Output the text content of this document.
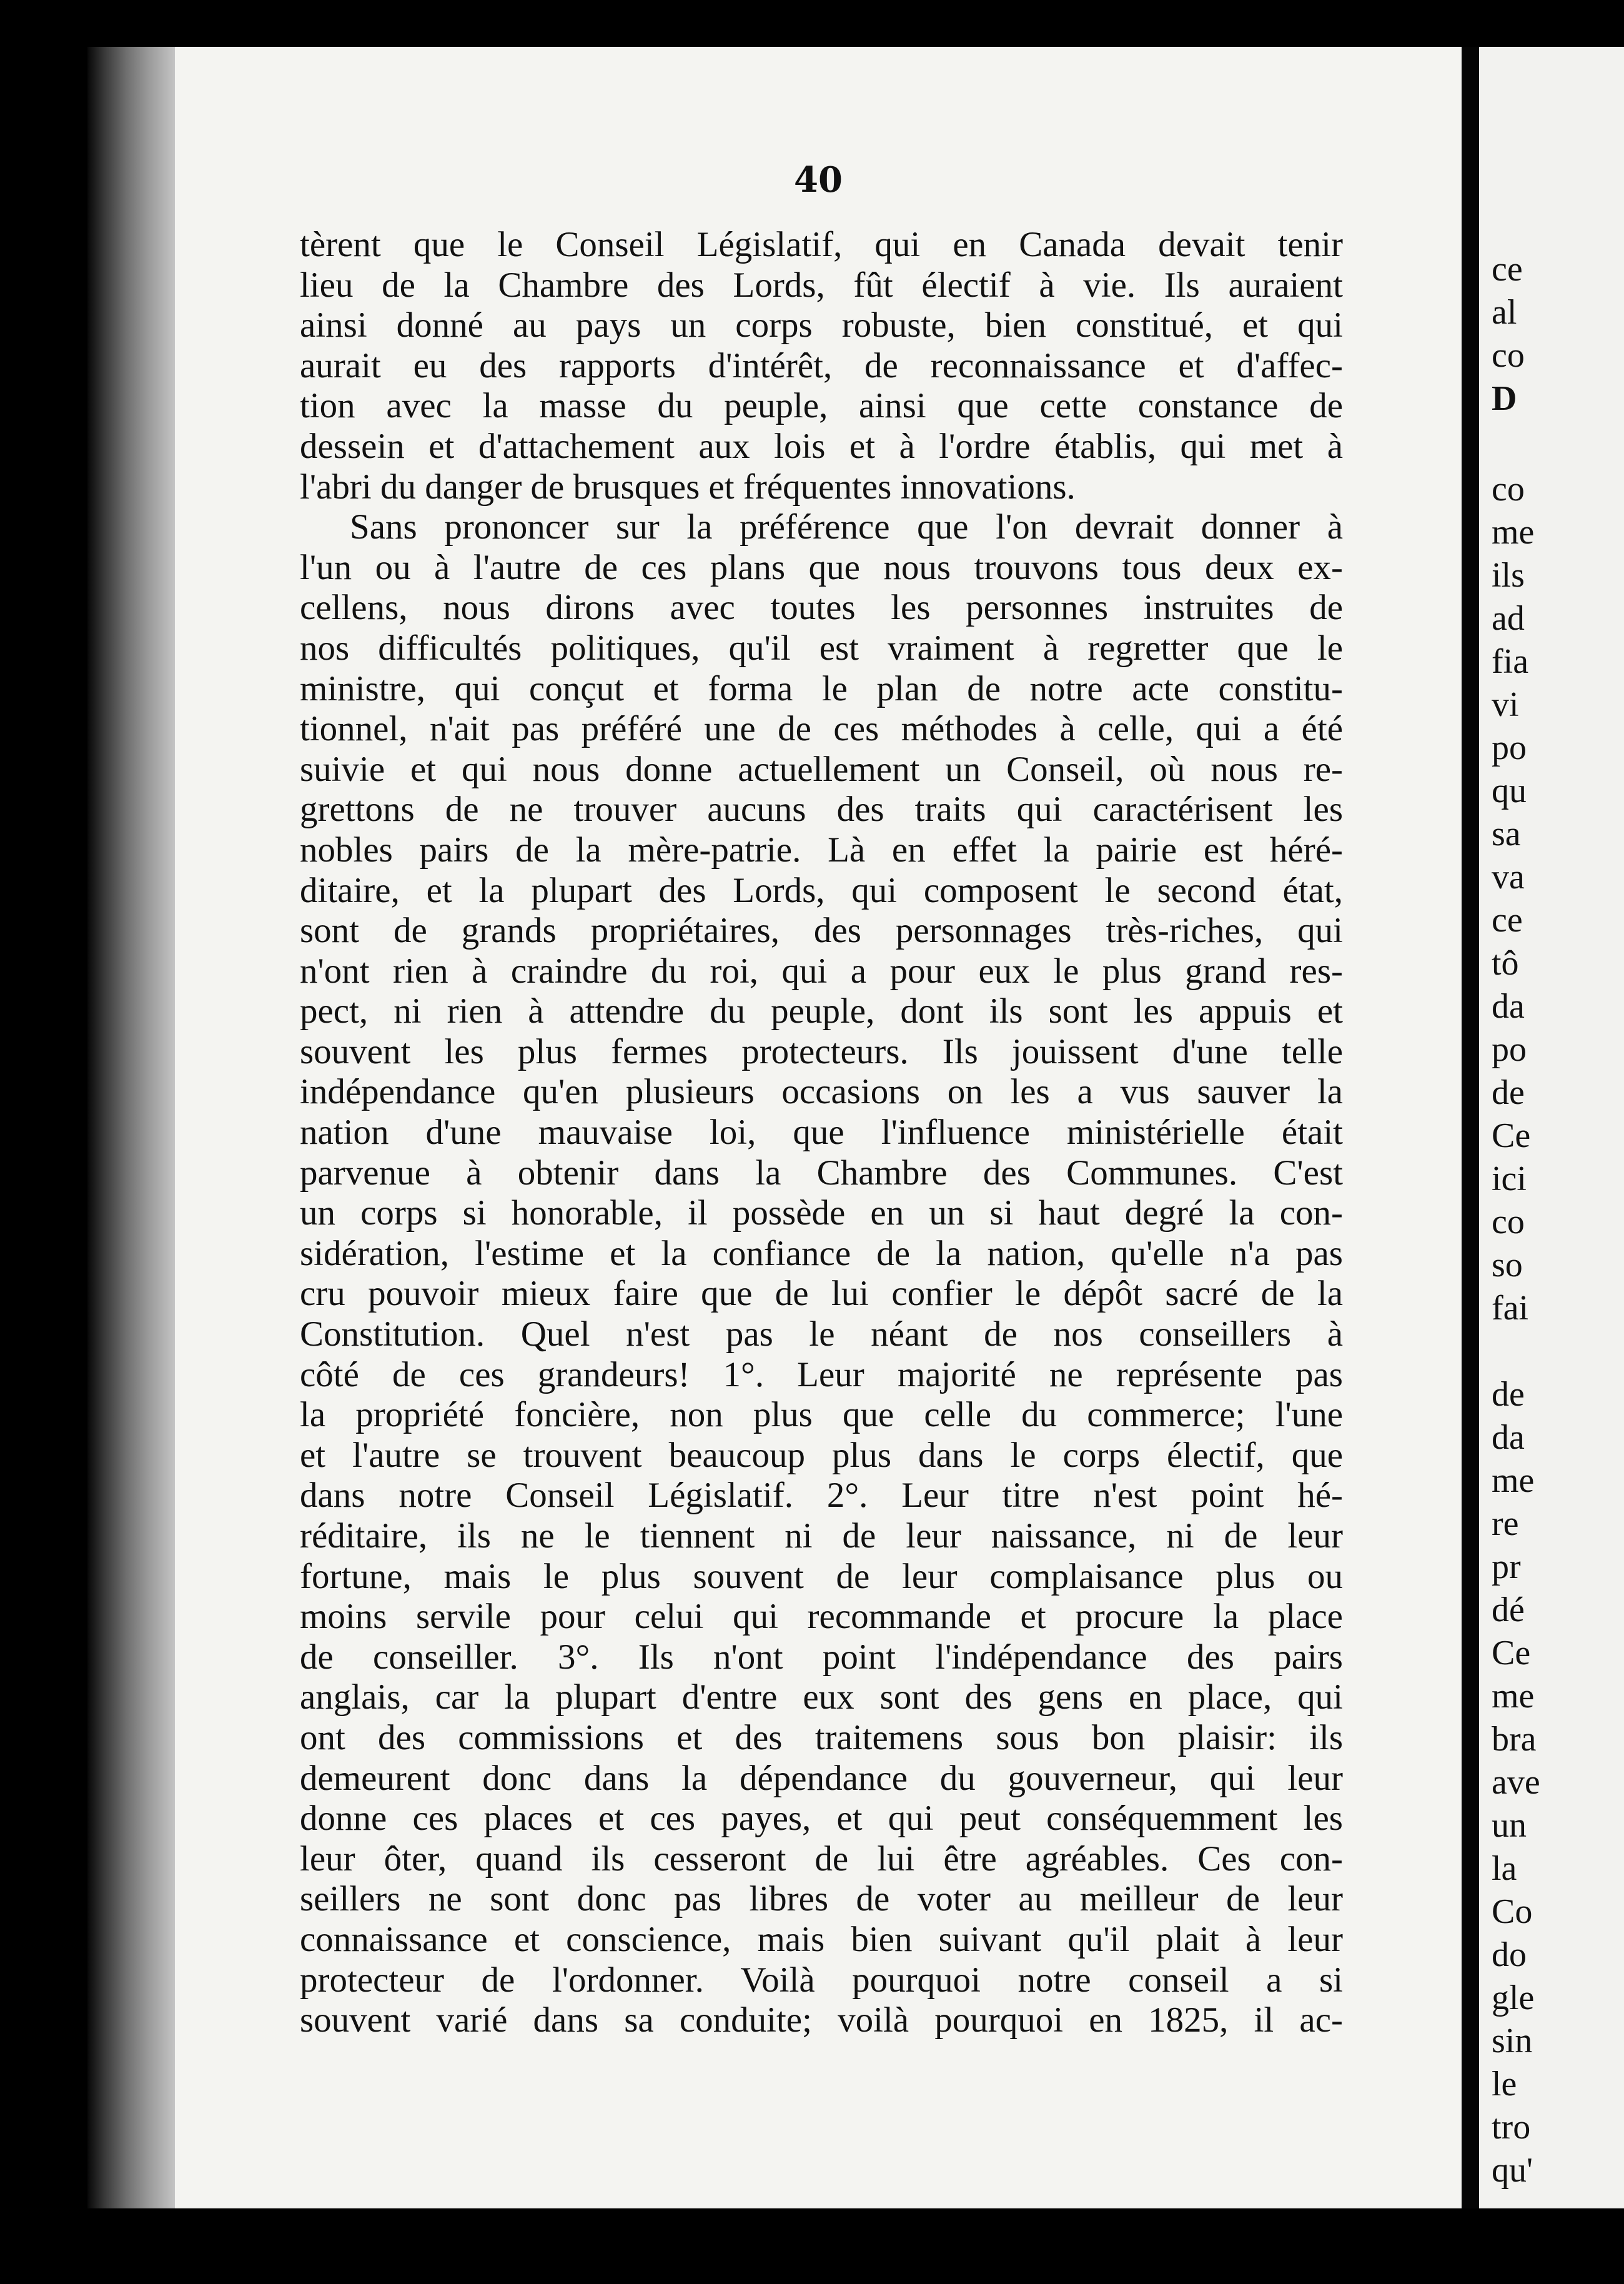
40
tèrent que le Conseil Législatif, qui en Canada devait tenir
lieu de la Chambre des Lords, fût électif à vie. Ils auraient
ainsi donné au pays un corps robuste, bien constitué, et qui
aurait eu des rapports d'intérêt, de reconnaissance et d'affec-
tion avec la masse du peuple, ainsi que cette constance de
dessein et d'attachement aux lois et à l'ordre établis, qui met à
l'abri du danger de brusques et fréquentes innovations.
Sans prononcer sur la préférence que l'on devrait donner à
l'un ou à l'autre de ces plans que nous trouvons tous deux ex-
cellens, nous dirons avec toutes les personnes instruites de
nos difficultés politiques, qu'il est vraiment à regretter que le
ministre, qui conçut et forma le plan de notre acte constitu-
tionnel, n'ait pas préféré une de ces méthodes à celle, qui a été
suivie et qui nous donne actuellement un Conseil, où nous re-
grettons de ne trouver aucuns des traits qui caractérisent les
nobles pairs de la mère-patrie. Là en effet la pairie est héré-
ditaire, et la plupart des Lords, qui composent le second état,
sont de grands propriétaires, des personnages très-riches, qui
n'ont rien à craindre du roi, qui a pour eux le plus grand res-
pect, ni rien à attendre du peuple, dont ils sont les appuis et
souvent les plus fermes protecteurs. Ils jouissent d'une telle
indépendance qu'en plusieurs occasions on les a vus sauver la
nation d'une mauvaise loi, que l'influence ministérielle était
parvenue à obtenir dans la Chambre des Communes. C'est
un corps si honorable, il possède en un si haut degré la con-
sidération, l'estime et la confiance de la nation, qu'elle n'a pas
cru pouvoir mieux faire que de lui confier le dépôt sacré de la
Constitution. Quel n'est pas le néant de nos conseillers à
côté de ces grandeurs! 1°. Leur majorité ne représente pas
la propriété foncière, non plus que celle du commerce; l'une
et l'autre se trouvent beaucoup plus dans le corps électif, que
dans notre Conseil Législatif. 2°. Leur titre n'est point hé-
réditaire, ils ne le tiennent ni de leur naissance, ni de leur
fortune, mais le plus souvent de leur complaisance plus ou
moins servile pour celui qui recommande et procure la place
de conseiller. 3°. Ils n'ont point l'indépendance des pairs
anglais, car la plupart d'entre eux sont des gens en place, qui
ont des commissions et des traitemens sous bon plaisir: ils
demeurent donc dans la dépendance du gouverneur, qui leur
donne ces places et ces payes, et qui peut conséquemment les
leur ôter, quand ils cesseront de lui être agréables. Ces con-
seillers ne sont donc pas libres de voter au meilleur de leur
connaissance et conscience, mais bien suivant qu'il plait à leur
protecteur de l'ordonner. Voilà pourquoi notre conseil a si
souvent varié dans sa conduite; voilà pourquoi en 1825, il ac-
ce
al
co
D
co
me
ils
ad
fia
vi
po
qu
sa
va
ce
tô
da
po
de
Ce
ici
co
so
fai
de
da
me
re
pr
dé
Ce
me
bra
ave
un
la
Co
do
gle
sin
le
tro
qu'
